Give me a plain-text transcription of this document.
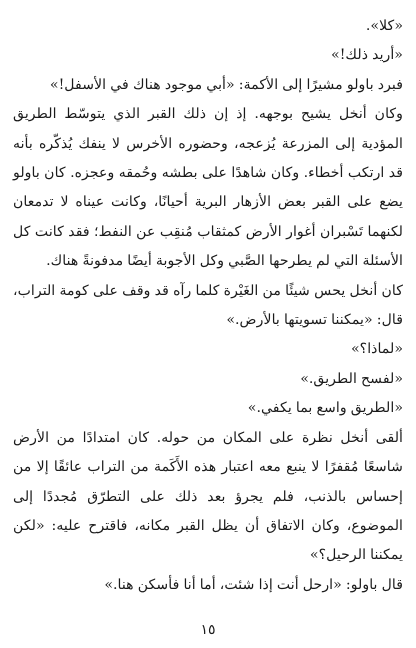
«كلا».

«أريد ذلك!»

فبرد باولو مشيرًا إلى الأكمة: «أبي موجود هناك في الأسفل!»

وكان أنخل يشيح بوجهه. إذ إن ذلك القبر الذي يتوسّط الطريق المؤدية إلى المزرعة يُزعجه، وحضوره الأخرس لا ينفك يُذكّره بأنه قد ارتكب أخطاء. وكان شاهدًا على بطشه وحُمقه وعجزه. كان باولو يضع على القبر بعض الأزهار البرية أحيانًا، وكانت عيناه لا تدمعان لكنهما تَسْبران أغوار الأرض كمثقاب مُنقِب عن النفط؛ فقد كانت كل الأسئلة التي لم يطرحها الصَّبي وكل الأجوبة أيضًا مدفونةً هناك.

كان أنخل يحس شيئًا من الغَيْرة كلما رآه قد وقف على كومة التراب، قال: «يمكننا تسويتها بالأرض.»

«لماذا؟»

«لفسح الطريق.»

«الطريق واسع بما يكفي.»

ألقى أنخل نظرة على المكان من حوله. كان امتدادًا من الأرض شاسعًا مُقفرًا لا ينبع معه اعتبار هذه الأَكَمة من التراب عائقًا إلا من إحساس بالذنب، فلم يجرؤ بعد ذلك على التطرّق مُجددًا إلى الموضوع، وكان الاتفاق أن يظل القبر مكانه، فاقترح عليه: «لكن يمكننا الرحيل؟»

قال باولو: «ارحل أنت إذا شئت، أما أنا فأسكن هنا.»

١٥
